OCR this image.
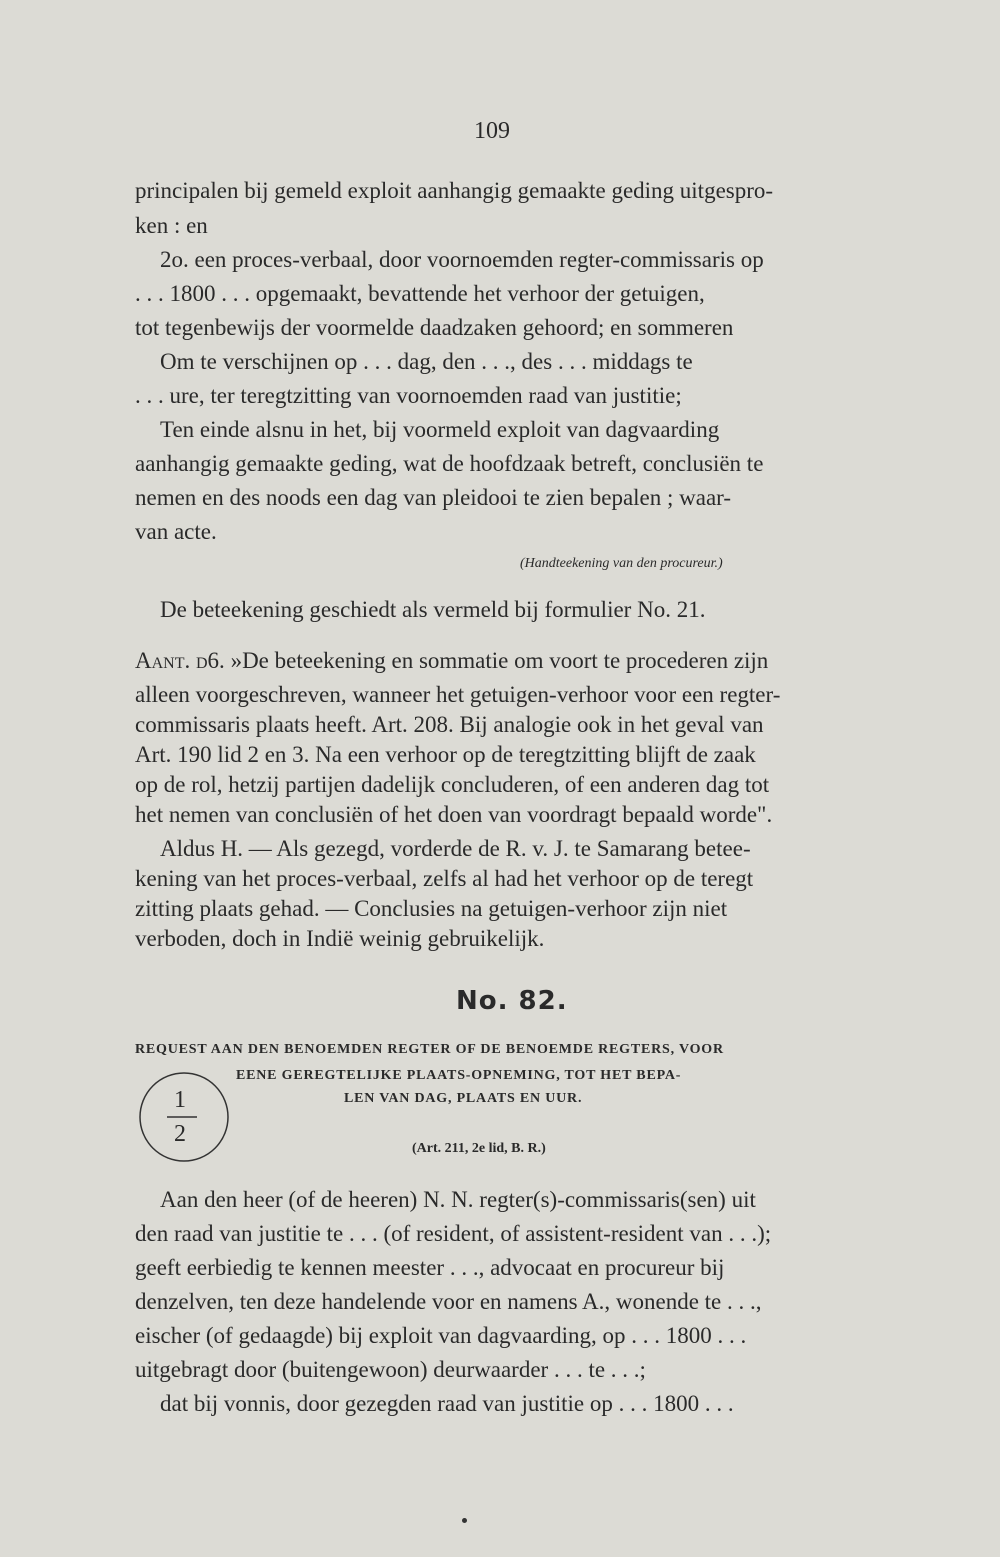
109
principalen bij gemeld exploit aanhangig gemaakte geding uitgespro-
ken : en
2o. een proces-verbaal, door voornoemden regter-commissaris op
. . . 1800 . . . opgemaakt, bevattende het verhoor der getuigen,
tot tegenbewijs der voormelde daadzaken gehoord; en sommeren
Om te verschijnen op . . . dag, den . . ., des . . . middags te
. . . ure, ter teregtzitting van voornoemden raad van justitie;
Ten einde alsnu in het, bij voormeld exploit van dagvaarding
aanhangig gemaakte geding, wat de hoofdzaak betreft, conclusiën te
nemen en des noods een dag van pleidooi te zien bepalen ; waar-
van acte.
(Handteekening van den procureur.)
De beteekening geschiedt als vermeld bij formulier No. 21.
Aant. d6. »De beteekening en sommatie om voort te procederen zijn
alleen voorgeschreven, wanneer het getuigen-verhoor voor een regter-
commissaris plaats heeft. Art. 208. Bij analogie ook in het geval van
Art. 190 lid 2 en 3. Na een verhoor op de teregtzitting blijft de zaak
op de rol, hetzij partijen dadelijk concluderen, of een anderen dag tot
het nemen van conclusiën of het doen van voordragt bepaald worde".
Aldus H. — Als gezegd, vorderde de R. v. J. te Samarang betee-
kening van het proces-verbaal, zelfs al had het verhoor op de teregt
zitting plaats gehad. — Conclusies na getuigen-verhoor zijn niet
verboden, doch in Indië weinig gebruikelijk.
No. 82.
REQUEST AAN DEN BENOEMDEN REGTER OF DE BENOEMDE REGTERS, VOOR
EENE GEREGTELIJKE PLAATS-OPNEMING, TOT HET BEPA-
LEN VAN DAG, PLAATS EN UUR.
1
2
(Art. 211, 2e lid, B. R.)
Aan den heer (of de heeren) N. N. regter(s)-commissaris(sen) uit
den raad van justitie te . . . (of resident, of assistent-resident van . . .);
geeft eerbiedig te kennen meester . . ., advocaat en procureur bij
denzelven, ten deze handelende voor en namens A., wonende te . . .,
eischer (of gedaagde) bij exploit van dagvaarding, op . . . 1800 . . .
uitgebragt door (buitengewoon) deurwaarder . . . te . . .;
dat bij vonnis, door gezegden raad van justitie op . . . 1800 . . .
